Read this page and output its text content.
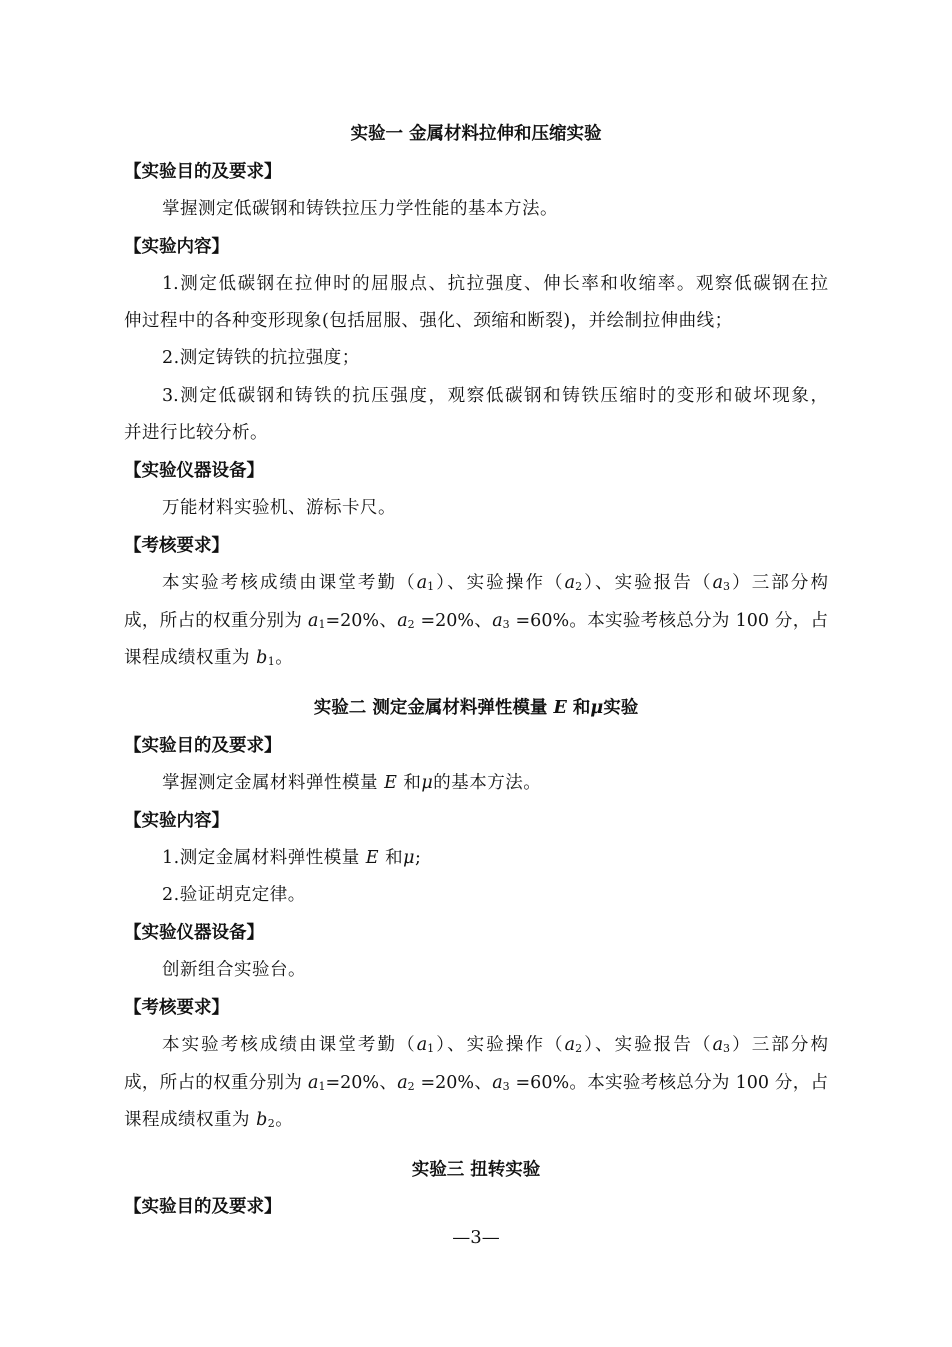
实验一 金属材料拉伸和压缩实验
【实验目的及要求】
掌握测定低碳钢和铸铁拉压力学性能的基本方法。
【实验内容】
1.测定低碳钢在拉伸时的屈服点、抗拉强度、伸长率和收缩率。观察低碳钢在拉
伸过程中的各种变形现象(包括屈服、强化、颈缩和断裂)，并绘制拉伸曲线；
2.测定铸铁的抗拉强度；
3.测定低碳钢和铸铁的抗压强度，观察低碳钢和铸铁压缩时的变形和破坏现象，
并进行比较分析。
【实验仪器设备】
万能材料实验机、游标卡尺。
【考核要求】
本实验考核成绩由课堂考勤$(a_1)$、实验操作$(a_2)$、实验报告$(a_3)$三部分构
成，所占的权重分别为 $a_1=20\%$、$a_2 =20\%$、$a_3 =60\%$。本实验考核总分为 100 分，占
课程成绩权重为 $b_1$。
实验二 测定金属材料弹性模量 E 和μ实验
【实验目的及要求】
掌握测定金属材料弹性模量 E 和μ的基本方法。
【实验内容】
1.测定金属材料弹性模量 E 和μ;
2.验证胡克定律。
【实验仪器设备】
创新组合实验台。
【考核要求】
本实验考核成绩由课堂考勤$(a_1)$、实验操作$(a_2)$、实验报告$(a_3)$三部分构
成，所占的权重分别为 $a_1=20\%$、$a_2 =20\%$、$a_3 =60\%$。本实验考核总分为 100 分，占
课程成绩权重为 $b_2$。
实验三 扭转实验
【实验目的及要求】
—3—
